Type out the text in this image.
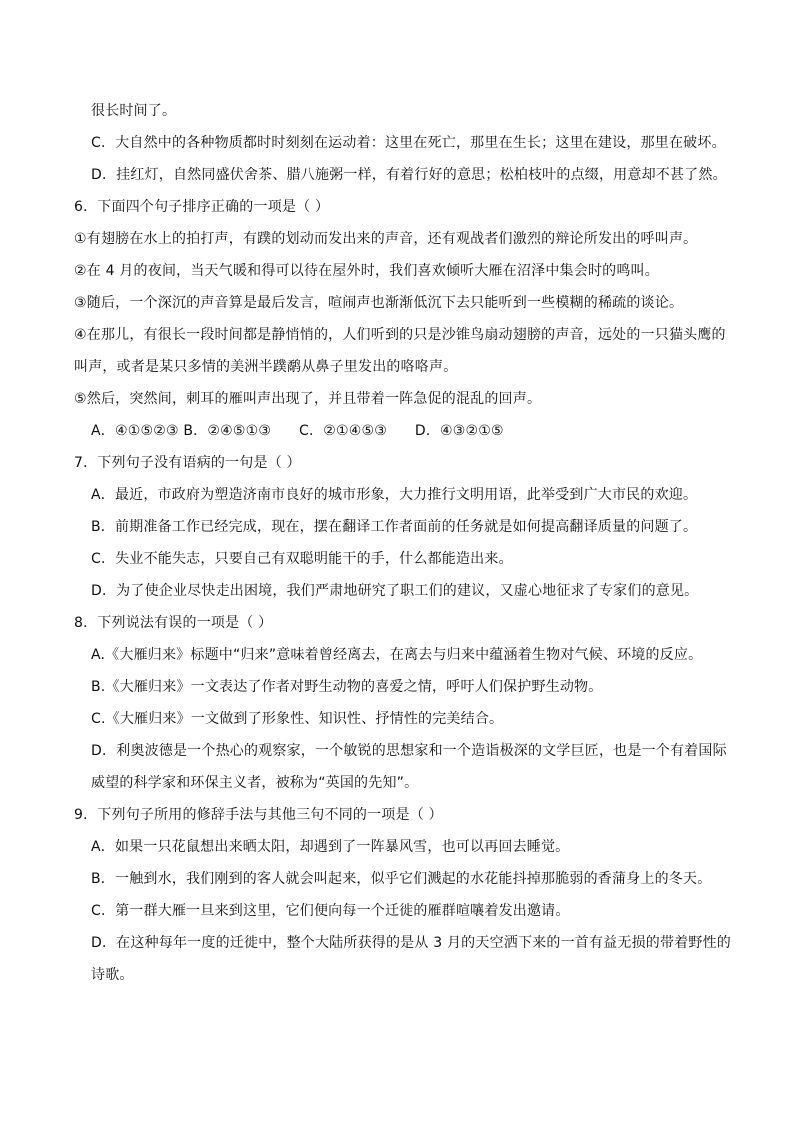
很长时间了。
C．大自然中的各种物质都时时刻刻在运动着：这里在死亡，那里在生长；这里在建设，那里在破坏。
D．挂红灯，自然同盛伏舍茶、腊八施粥一样，有着行好的意思；松柏枝叶的点缀，用意却不甚了然。
6．下面四个句子排序正确的一项是（ ）
①有翅膀在水上的拍打声，有蹼的划动而发出来的声音，还有观战者们激烈的辩论所发出的呼叫声。
②在 4 月的夜间，当天气暖和得可以待在屋外时，我们喜欢倾听大雁在沼泽中集会时的鸣叫。
③随后，一个深沉的声音算是最后发言，喧闹声也渐渐低沉下去只能听到一些模糊的稀疏的谈论。
④在那儿，有很长一段时间都是静悄悄的，人们听到的只是沙锥鸟扇动翅膀的声音，远处的一只猫头鹰的
叫声，或者是某只多情的美洲半蹼鹬从鼻子里发出的咯咯声。
⑤然后，突然间，刺耳的雁叫声出现了，并且带着一阵急促的混乱的回声。
A．④①⑤②③ B．②④⑤①③      C．②①④⑤③      D．④③②①⑤
7．下列句子没有语病的一句是（ ）
A．最近，市政府为塑造济南市良好的城市形象，大力推行文明用语，此举受到广大市民的欢迎。
B．前期准备工作已经完成，现在，摆在翻译工作者面前的任务就是如何提高翻译质量的问题了。
C．失业不能失志，只要自己有双聪明能干的手，什么都能造出来。
D．为了使企业尽快走出困境，我们严肃地研究了职工们的建议，又虚心地征求了专家们的意见。
8．下列说法有误的一项是（ ）
A.《大雁归来》标题中“归来”意味着曾经离去，在离去与归来中蕴涵着生物对气候、环境的反应。
B.《大雁归来》一文表达了作者对野生动物的喜爱之情，呼吁人们保护野生动物。
C.《大雁归来》一文做到了形象性、知识性、抒情性的完美结合。
D．利奥波德是一个热心的观察家，一个敏锐的思想家和一个造诣极深的文学巨匠，也是一个有着国际
威望的科学家和环保主义者，被称为“英国的先知”。
9．下列句子所用的修辞手法与其他三句不同的一项是（ ）
A．如果一只花鼠想出来晒太阳，却遇到了一阵暴风雪，也可以再回去睡觉。
B．一触到水，我们刚到的客人就会叫起来，似乎它们溅起的水花能抖掉那脆弱的香蒲身上的冬天。
C．第一群大雁一旦来到这里，它们便向每一个迁徙的雁群喧嚷着发出邀请。
D．在这种每年一度的迁徙中，整个大陆所获得的是从 3 月的天空洒下来的一首有益无损的带着野性的
诗歌。
